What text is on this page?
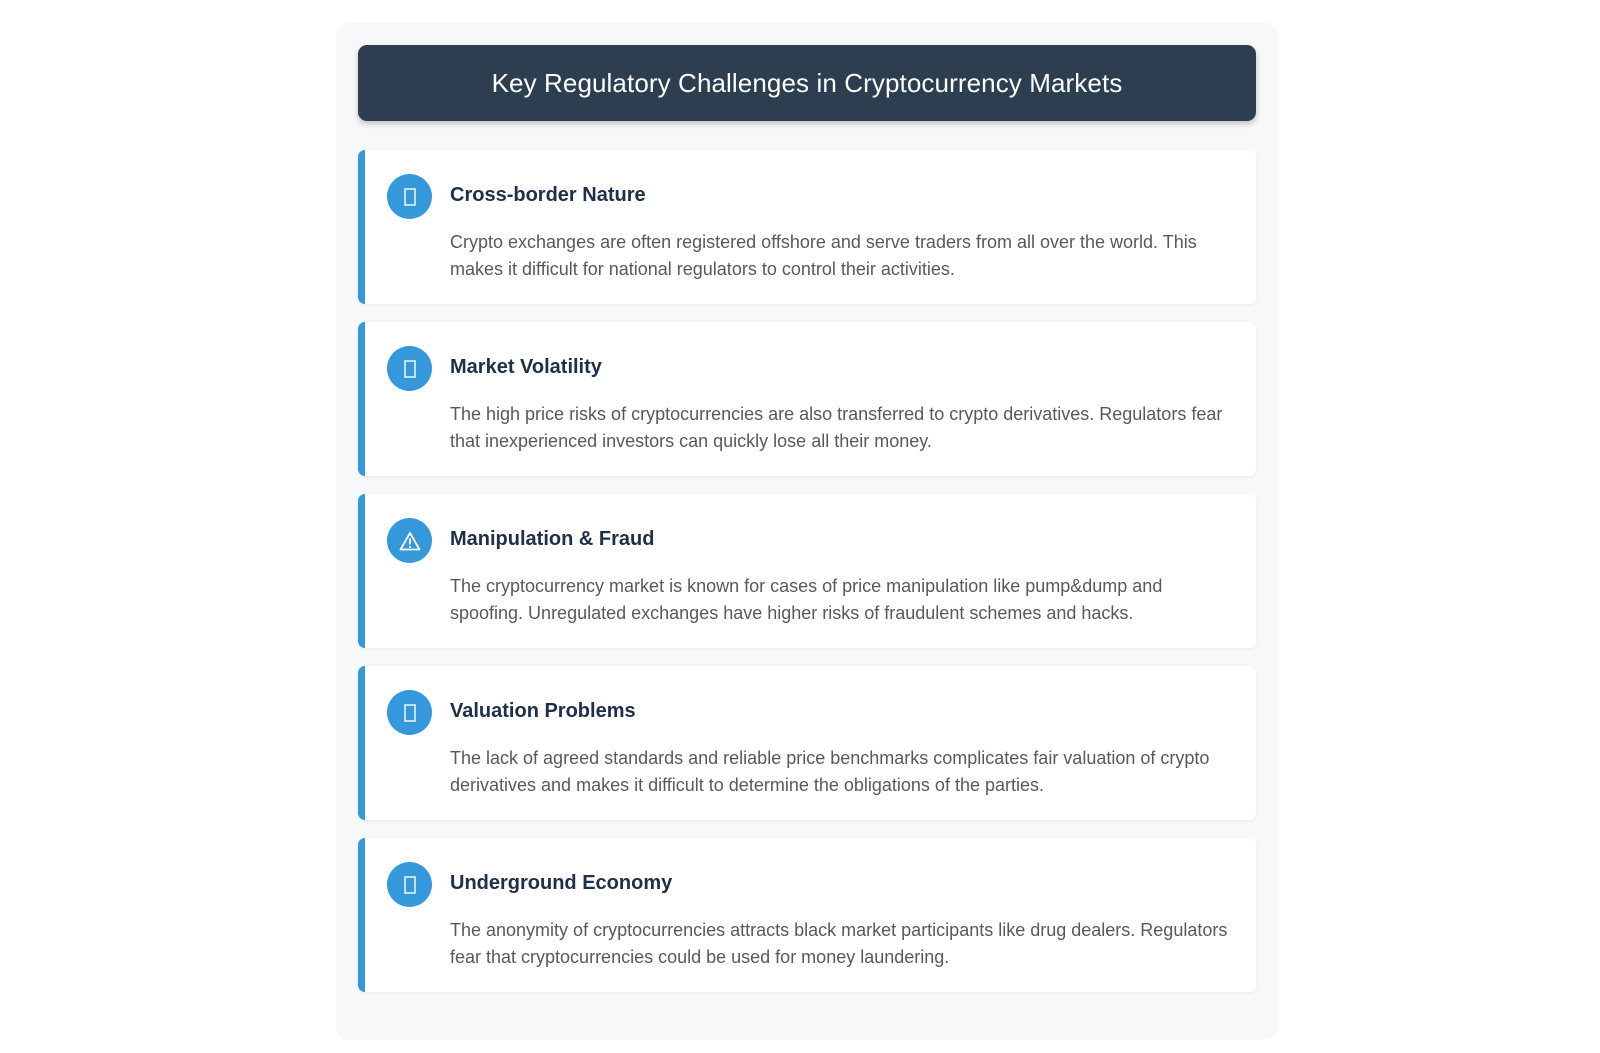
Key Regulatory Challenges in Cryptocurrency Markets
Cross-border Nature
Crypto exchanges are often registered offshore and serve traders from all over the world. This makes it difficult for national regulators to control their activities.
Market Volatility
The high price risks of cryptocurrencies are also transferred to crypto derivatives. Regulators fear that inexperienced investors can quickly lose all their money.
Manipulation & Fraud
The cryptocurrency market is known for cases of price manipulation like pump&dump and spoofing. Unregulated exchanges have higher risks of fraudulent schemes and hacks.
Valuation Problems
The lack of agreed standards and reliable price benchmarks complicates fair valuation of crypto derivatives and makes it difficult to determine the obligations of the parties.
Underground Economy
The anonymity of cryptocurrencies attracts black market participants like drug dealers. Regulators fear that cryptocurrencies could be used for money laundering.
